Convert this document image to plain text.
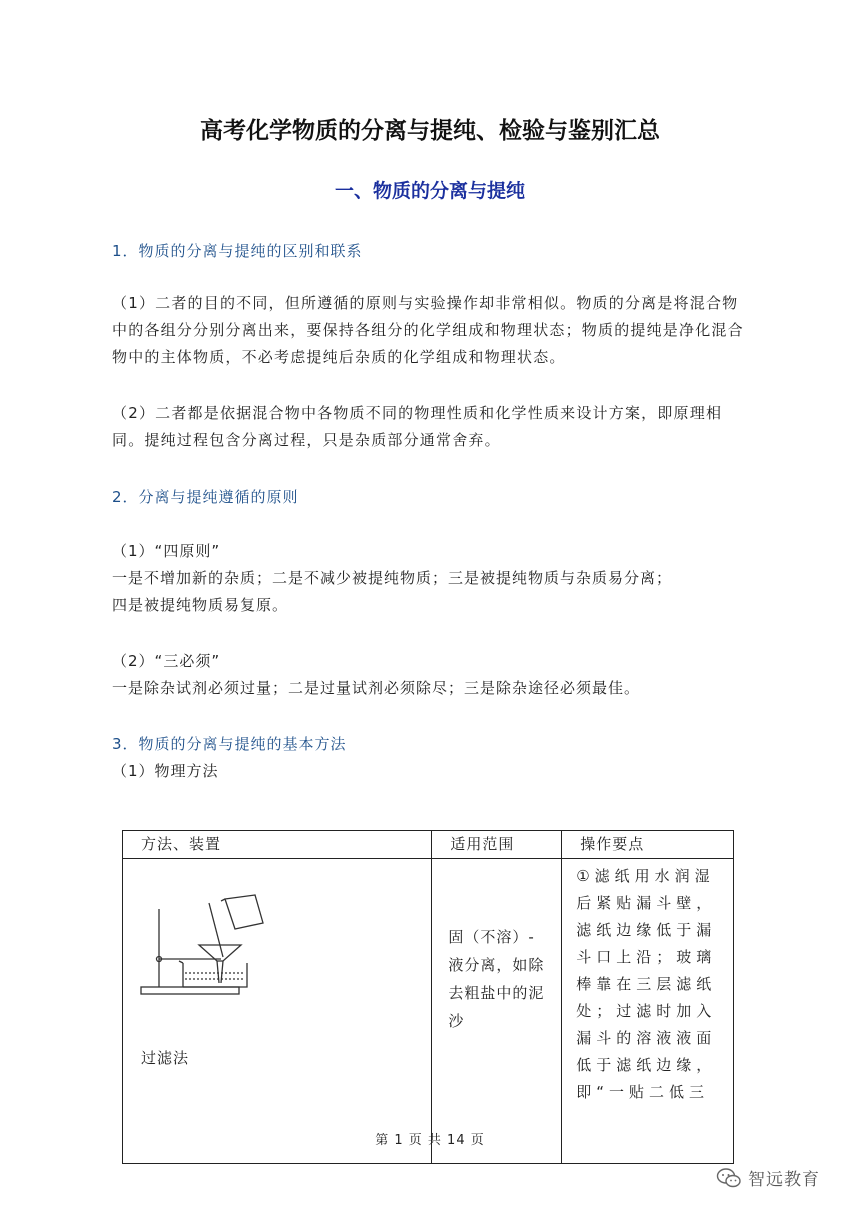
高考化学物质的分离与提纯、检验与鉴别汇总
一、物质的分离与提纯

1．物质的分离与提纯的区别和联系

（1）二者的目的不同，但所遵循的原则与实验操作却非常相似。物质的分离是将混合物中的各组分分别分离出来，要保持各组分的化学组成和物理状态；物质的提纯是净化混合物中的主体物质，不必考虑提纯后杂质的化学组成和物理状态。

（2）二者都是依据混合物中各物质不同的物理性质和化学性质来设计方案，即原理相同。提纯过程包含分离过程，只是杂质部分通常舍弃。

2．分离与提纯遵循的原则

（1）“四原则”

一是不增加新的杂质；二是不减少被提纯物质；三是被提纯物质与杂质易分离；

四是被提纯物质易复原。

（2）“三必须”

一是除杂试剂必须过量；二是过量试剂必须除尽；三是除杂途径必须最佳。

3．物质的分离与提纯的基本方法

（1）物理方法

方法、装置	适用范围	操作要点

过滤法	固（不溶）-液分离，如除去粗盐中的泥沙	①滤纸用水润湿后紧贴漏斗壁，滤纸边缘低于漏斗口上沿；玻璃棒靠在三层滤纸处；过滤时加入漏斗的溶液液面低于滤纸边缘，即“一贴二低三

第 1 页 共 14 页

智远教育
